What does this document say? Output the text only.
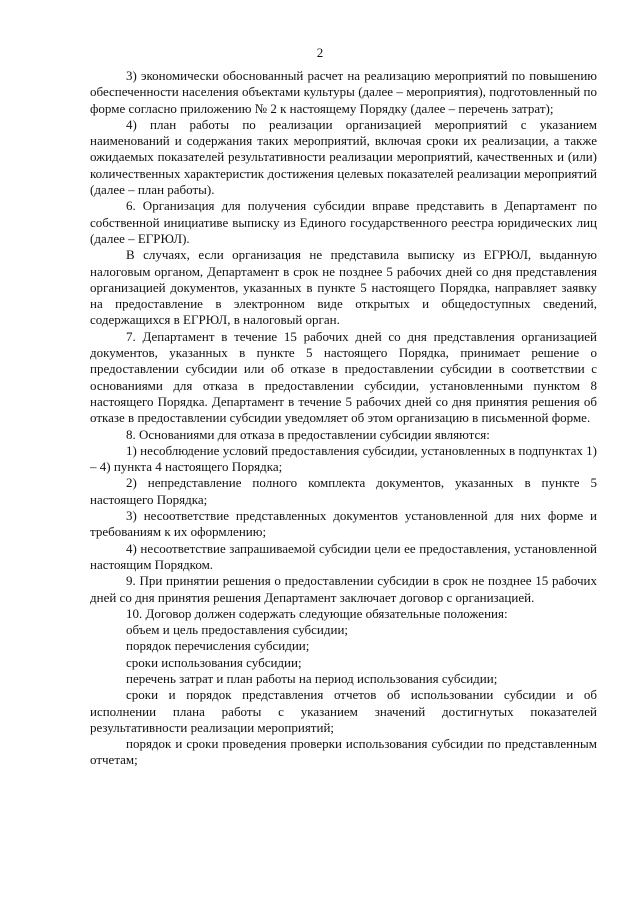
2

3) экономически обоснованный расчет на реализацию мероприятий по повышению обеспеченности населения объектами культуры (далее – мероприятия), подготовленный по форме согласно приложению № 2 к настоящему Порядку (далее – перечень затрат);

4) план работы по реализации организацией мероприятий с указанием наименований и содержания таких мероприятий, включая сроки их реализации, а также ожидаемых показателей результативности реализации мероприятий, качественных и (или) количественных характеристик достижения целевых показателей реализации мероприятий (далее – план работы).

6. Организация для получения субсидии вправе представить в Департамент по собственной инициативе выписку из Единого государственного реестра юридических лиц (далее – ЕГРЮЛ).

В случаях, если организация не представила выписку из ЕГРЮЛ, выданную налоговым органом, Департамент в срок не позднее 5 рабочих дней со дня представления организацией документов, указанных в пункте 5 настоящего Порядка, направляет заявку на предоставление в электронном виде открытых и общедоступных сведений, содержащихся в ЕГРЮЛ, в налоговый орган.

7. Департамент в течение 15 рабочих дней со дня представления организацией документов, указанных в пункте 5 настоящего Порядка, принимает решение о предоставлении субсидии или об отказе в предоставлении субсидии в соответствии с основаниями для отказа в предоставлении субсидии, установленными пунктом 8 настоящего Порядка. Департамент в течение 5 рабочих дней со дня принятия решения об отказе в предоставлении субсидии уведомляет об этом организацию в письменной форме.

8. Основаниями для отказа в предоставлении субсидии являются:

1) несоблюдение условий предоставления субсидии, установленных в подпунктах 1) – 4) пункта 4 настоящего Порядка;

2) непредставление полного комплекта документов, указанных в пункте 5 настоящего Порядка;

3) несоответствие представленных документов установленной для них форме и требованиям к их оформлению;

4) несоответствие запрашиваемой субсидии цели ее предоставления, установленной настоящим Порядком.

9. При принятии решения о предоставлении субсидии в срок не позднее 15 рабочих дней со дня принятия решения Департамент заключает договор с организацией.

10. Договор должен содержать следующие обязательные положения:

объем и цель предоставления субсидии;

порядок перечисления субсидии;

сроки использования субсидии;

перечень затрат и план работы на период использования субсидии;

сроки и порядок представления отчетов об использовании субсидии и об исполнении плана работы с указанием значений достигнутых показателей результативности реализации мероприятий;

порядок и сроки проведения проверки использования субсидии по представленным отчетам;
